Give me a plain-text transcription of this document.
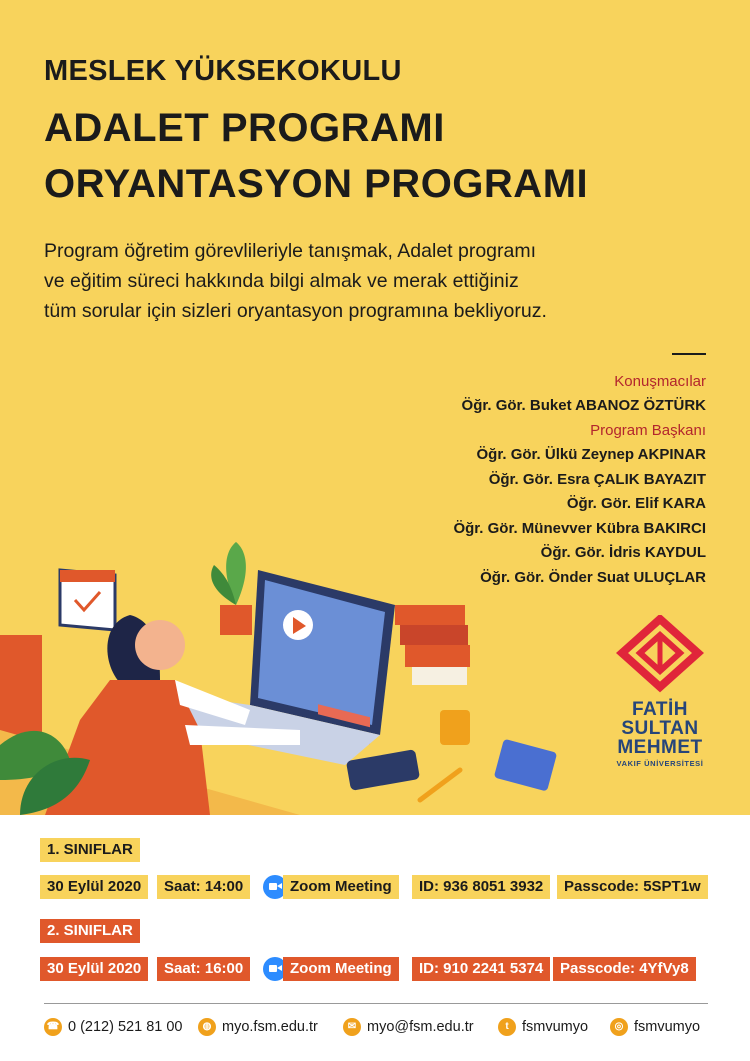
MESLEK YÜKSEKOKULU
ADALET PROGRAMI
ORYANTASYON PROGRAMI
Program öğretim görevlileriyle tanışmak, Adalet programı
ve eğitim süreci hakkında bilgi almak ve merak ettiğiniz
tüm sorular için sizleri oryantasyon programına bekliyoruz.
Konuşmacılar
Öğr. Gör. Buket ABANOZ ÖZTÜRK
Program Başkanı
Öğr. Gör. Ülkü Zeynep AKPINAR
Öğr. Gör. Esra ÇALIK BAYAZIT
Öğr. Gör. Elif KARA
Öğr. Gör. Münevver Kübra BAKIRCI
Öğr. Gör. İdris KAYDUL
Öğr. Gör. Önder Suat ULUÇLAR
FATİH
SULTAN
MEHMET
VAKIF ÜNİVERSİTESİ
1. SINIFLAR
30 Eylül 2020	Saat: 14:00	Zoom Meeting	ID: 936 8051 3932	Passcode: 5SPT1w
2. SINIFLAR
30 Eylül 2020	Saat: 16:00	Zoom Meeting	ID: 910 2241 5374	Passcode: 4YfVy8
☎ 0 (212) 521 81 00	◍ myo.fsm.edu.tr	✉ myo@fsm.edu.tr	t fsmvumyo	◎ fsmvumyo
